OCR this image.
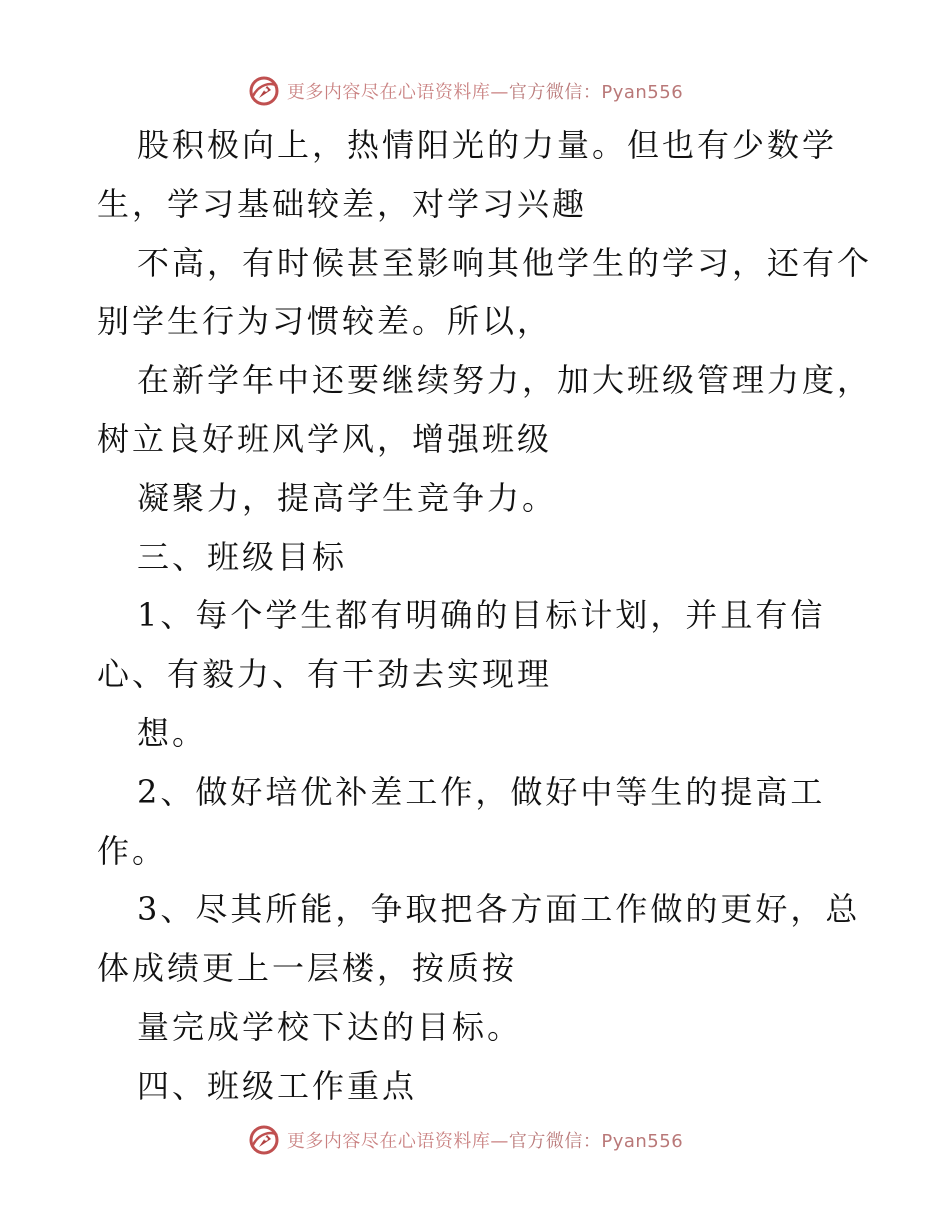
更多内容尽在心语资料库—官方微信：Pyan556
股积极向上，热情阳光的力量。但也有少数学
生，学习基础较差，对学习兴趣
不高，有时候甚至影响其他学生的学习，还有个
别学生行为习惯较差。所以，
在新学年中还要继续努力，加大班级管理力度，
树立良好班风学风，增强班级
凝聚力，提高学生竞争力。
三、班级目标
1、每个学生都有明确的目标计划，并且有信
心、有毅力、有干劲去实现理
想。
2、做好培优补差工作，做好中等生的提高工
作。
3、尽其所能，争取把各方面工作做的更好，总
体成绩更上一层楼，按质按
量完成学校下达的目标。
四、班级工作重点
更多内容尽在心语资料库—官方微信：Pyan556
